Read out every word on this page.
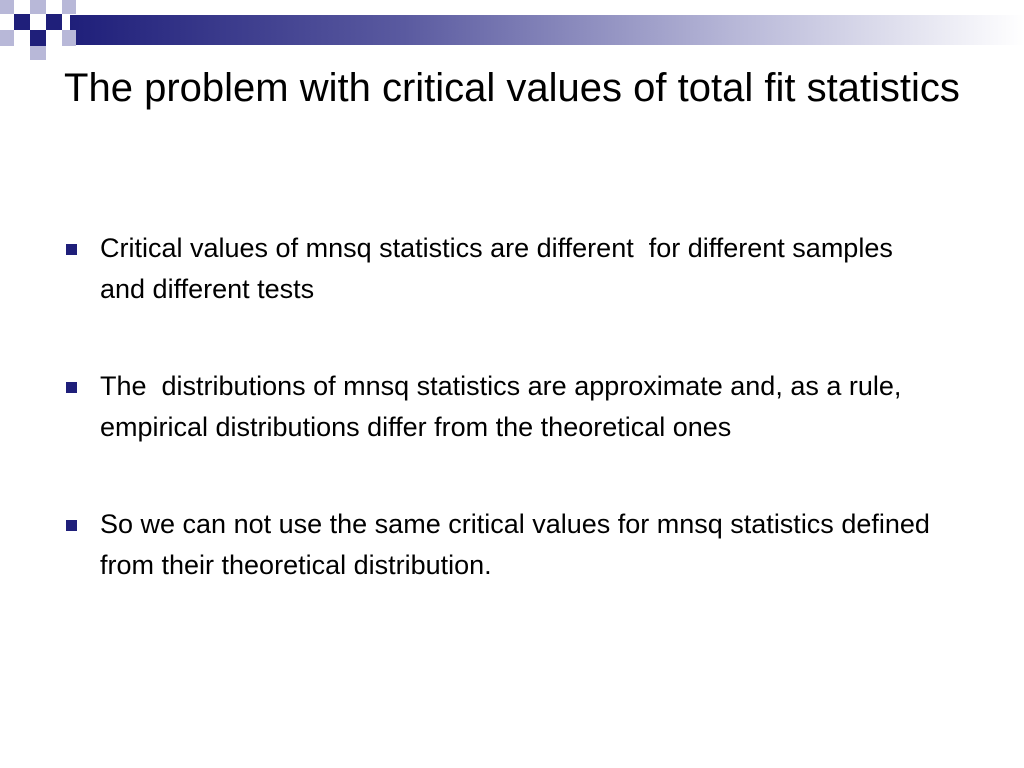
The problem with critical values of total fit statistics
Critical values of mnsq statistics are different  for different samples and different tests
The  distributions of mnsq statistics are approximate and, as a rule, empirical distributions differ from the theoretical ones
So we can not use the same critical values for mnsq statistics defined from their theoretical distribution.
